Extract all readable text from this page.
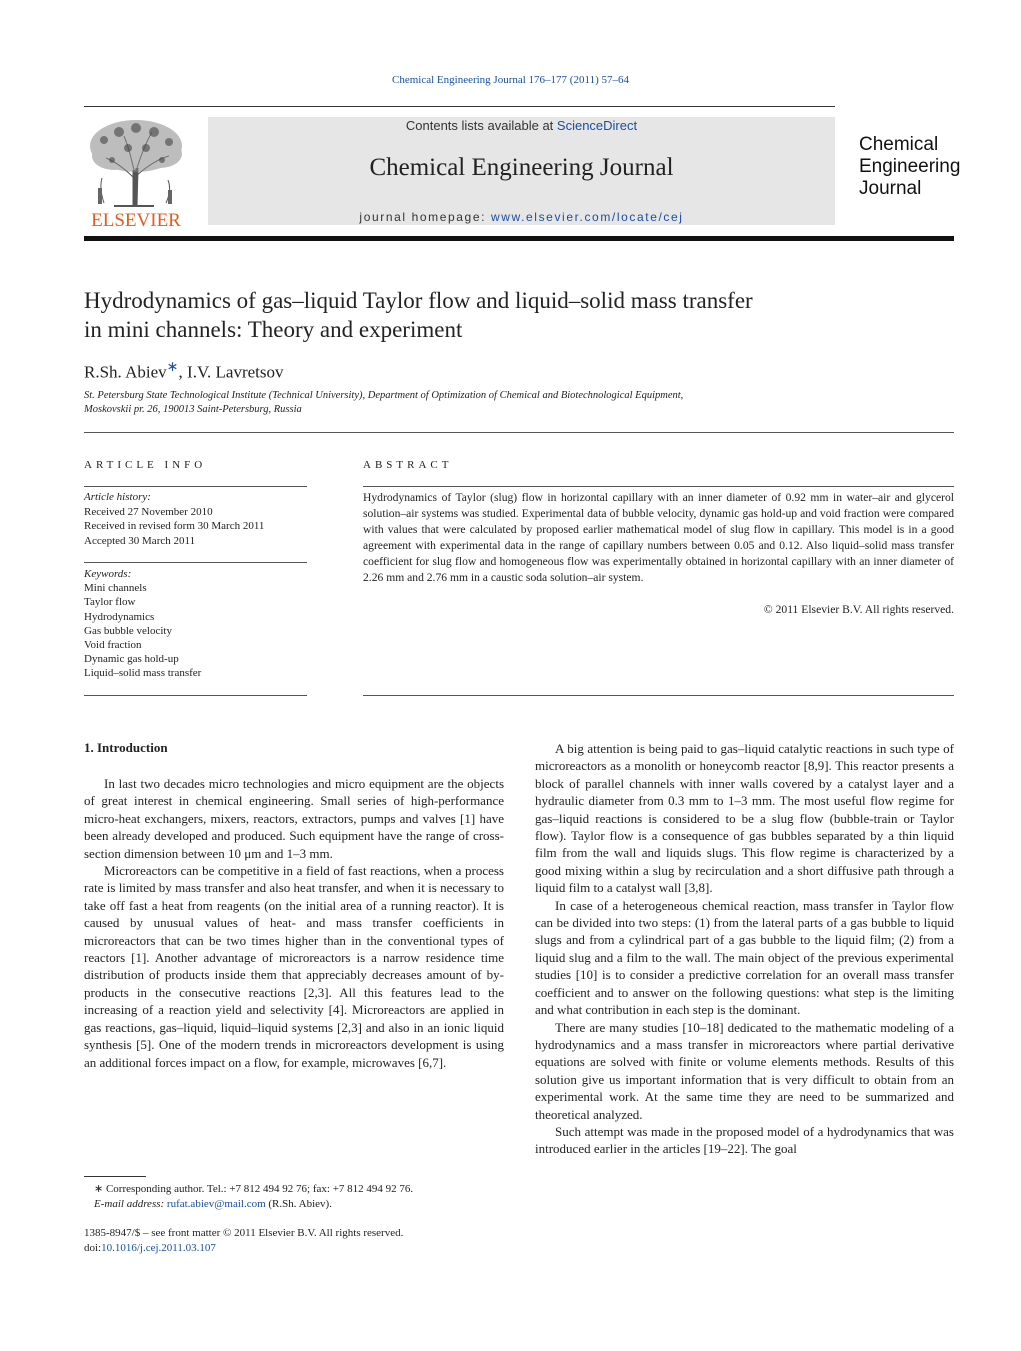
Chemical Engineering Journal 176–177 (2011) 57–64
ELSEVIER
Contents lists available at ScienceDirect
Chemical Engineering Journal
journal homepage: www.elsevier.com/locate/cej
Chemical
Engineering
Journal
Hydrodynamics of gas–liquid Taylor flow and liquid–solid mass transfer
in mini channels: Theory and experiment
R.Sh. Abiev∗, I.V. Lavretsov
St. Petersburg State Technological Institute (Technical University), Department of Optimization of Chemical and Biotechnological Equipment,
Moskovskii pr. 26, 190013 Saint-Petersburg, Russia
ARTICLE INFO	ABSTRACT
Article history:
Received 27 November 2010
Received in revised form 30 March 2011
Accepted 30 March 2011
Keywords:
Mini channels
Taylor flow
Hydrodynamics
Gas bubble velocity
Void fraction
Dynamic gas hold-up
Liquid–solid mass transfer
Hydrodynamics of Taylor (slug) flow in horizontal capillary with an inner diameter of 0.92 mm in water–air and glycerol solution–air systems was studied. Experimental data of bubble velocity, dynamic gas hold-up and void fraction were compared with values that were calculated by proposed earlier mathematical model of slug flow in capillary. This model is in a good agreement with experimental data in the range of capillary numbers between 0.05 and 0.12. Also liquid–solid mass transfer coefficient for slug flow and homogeneous flow was experimentally obtained in horizontal capillary with an inner diameter of 2.26 mm and 2.76 mm in a caustic soda solution–air system.
© 2011 Elsevier B.V. All rights reserved.
1. Introduction

In last two decades micro technologies and micro equipment are the objects of great interest in chemical engineering. Small series of high-performance micro-heat exchangers, mixers, reactors, extractors, pumps and valves [1] have been already developed and produced. Such equipment have the range of cross-section dimension between 10 μm and 1–3 mm.

Microreactors can be competitive in a field of fast reactions, when a process rate is limited by mass transfer and also heat transfer, and when it is necessary to take off fast a heat from reagents (on the initial area of a running reactor). It is caused by unusual values of heat- and mass transfer coefficients in microreactors that can be two times higher than in the conventional types of reactors [1]. Another advantage of microreactors is a narrow residence time distribution of products inside them that appreciably decreases amount of by-products in the consecutive reactions [2,3]. All this features lead to the increasing of a reaction yield and selectivity [4]. Microreactors are applied in gas reactions, gas–liquid, liquid–liquid systems [2,3] and also in an ionic liquid synthesis [5]. One of the modern trends in microreactors development is using an additional forces impact on a flow, for example, microwaves [6,7].

A big attention is being paid to gas–liquid catalytic reactions in such type of microreactors as a monolith or honeycomb reactor [8,9]. This reactor presents a block of parallel channels with inner walls covered by a catalyst layer and a hydraulic diameter from 0.3 mm to 1–3 mm. The most useful flow regime for gas–liquid reactions is considered to be a slug flow (bubble-train or Taylor flow). Taylor flow is a consequence of gas bubbles separated by a thin liquid film from the wall and liquids slugs. This flow regime is characterized by a good mixing within a slug by recirculation and a short diffusive path through a liquid film to a catalyst wall [3,8].

In case of a heterogeneous chemical reaction, mass transfer in Taylor flow can be divided into two steps: (1) from the lateral parts of a gas bubble to liquid slugs and from a cylindrical part of a gas bubble to the liquid film; (2) from a liquid slug and a film to the wall. The main object of the previous experimental studies [10] is to consider a predictive correlation for an overall mass transfer coefficient and to answer on the following questions: what step is the limiting and what contribution in each step is the dominant.

There are many studies [10–18] dedicated to the mathematic modeling of a hydrodynamics and a mass transfer in microreactors where partial derivative equations are solved with finite or volume elements methods. Results of this solution give us important information that is very difficult to obtain from an experimental work. At the same time they are need to be summarized and theoretical analyzed.

Such attempt was made in the proposed model of a hydrodynamics that was introduced earlier in the articles [19–22]. The goal

∗ Corresponding author. Tel.: +7 812 494 92 76; fax: +7 812 494 92 76.
E-mail address: rufat.abiev@mail.com (R.Sh. Abiev).
1385-8947/$ – see front matter © 2011 Elsevier B.V. All rights reserved.
doi:10.1016/j.cej.2011.03.107
